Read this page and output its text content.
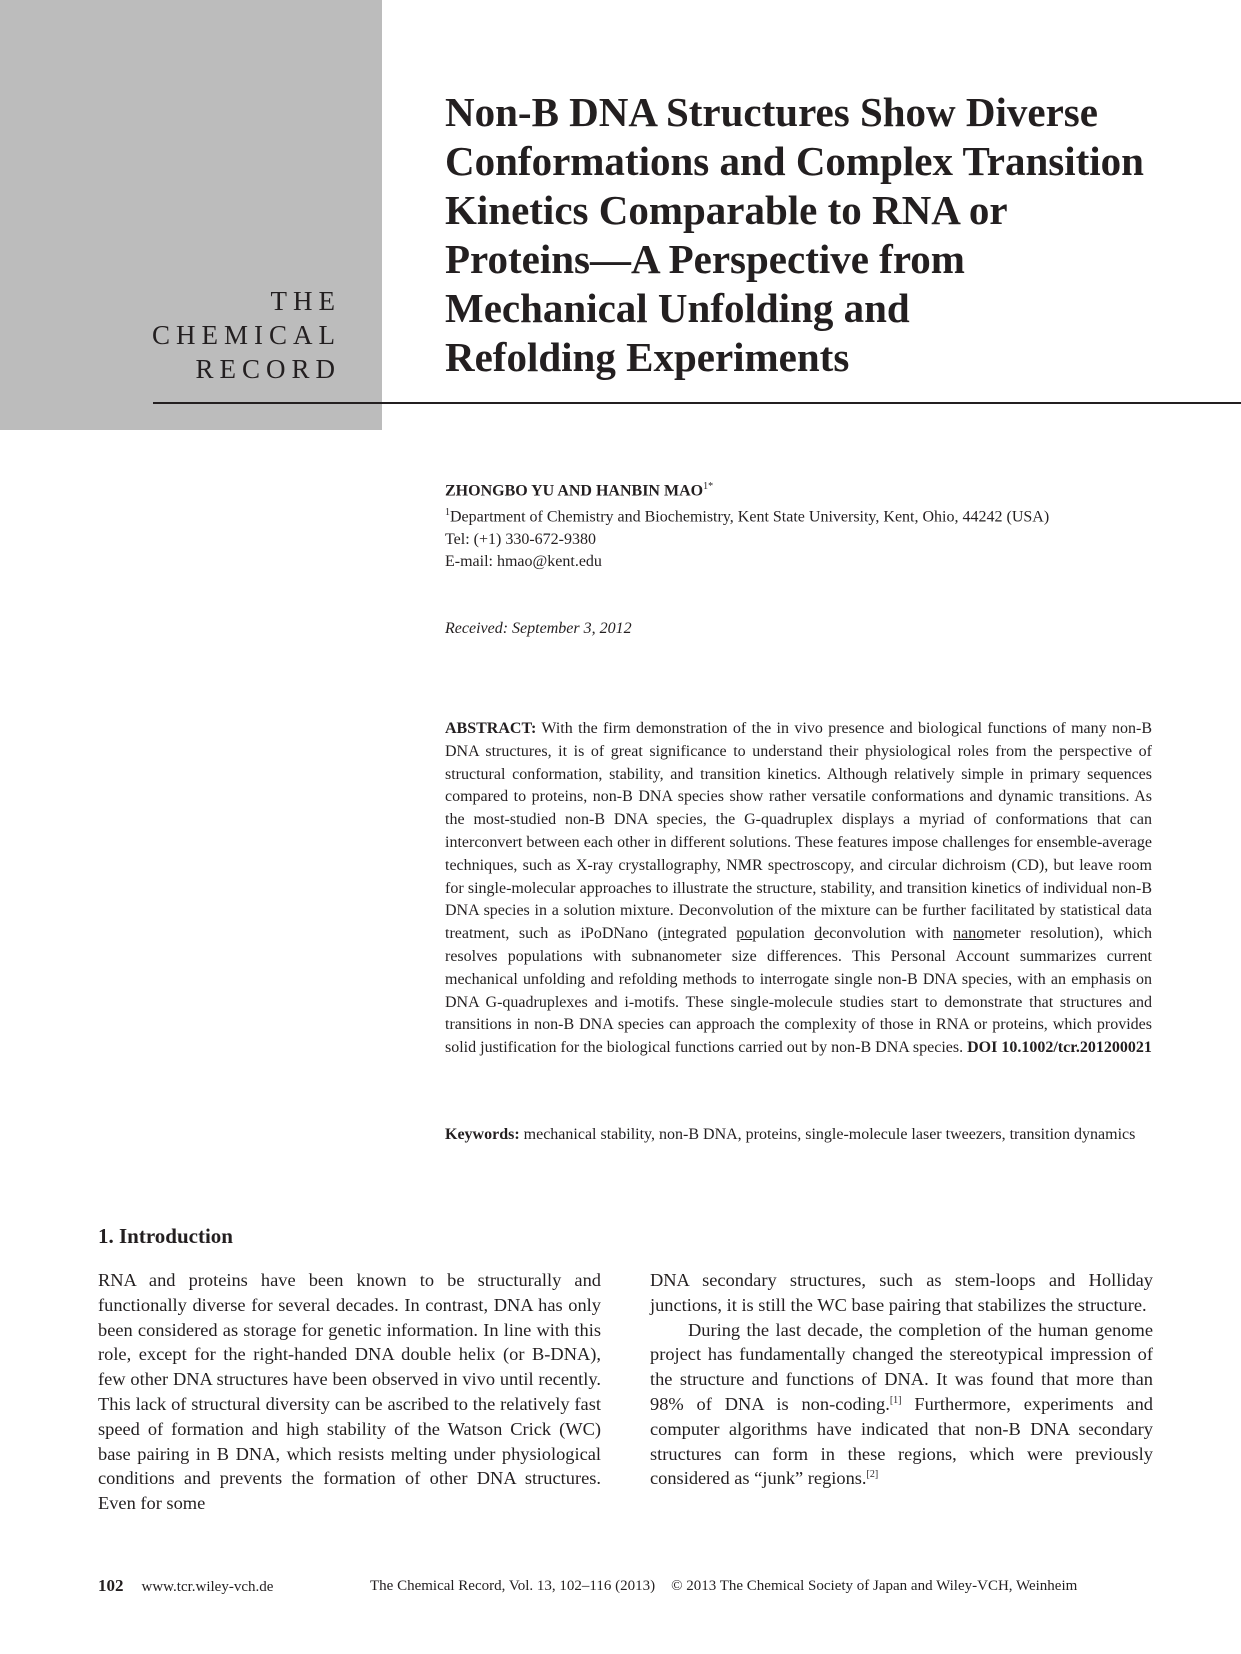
THE
CHEMICAL
RECORD
Non-B DNA Structures Show Diverse
Conformations and Complex Transition
Kinetics Comparable to RNA or
Proteins—A Perspective from
Mechanical Unfolding and
Refolding Experiments
ZHONGBO YU AND HANBIN $MAO^{1*}$
$^1$Department of Chemistry and Biochemistry, Kent State University, Kent, Ohio, 44242 (USA)
Tel: (+1) 330-672-9380
E-mail: hmao@kent.edu
Received: September 3, 2012

ABSTRACT: With the firm demonstration of the in vivo presence and biological functions of many non-B DNA structures, it is of great significance to understand their physiological roles from the perspective of structural conformation, stability, and transition kinetics. Although relatively simple in primary sequences compared to proteins, non-B DNA species show rather versatile conformations and dynamic transitions. As the most-studied non-B DNA species, the G-quadruplex displays a myriad of conformations that can interconvert between each other in different solutions. These features impose challenges for ensemble-average techniques, such as X-ray crystallography, NMR spectroscopy, and circular dichroism (CD), but leave room for single-molecular approaches to illustrate the structure, stability, and transition kinetics of individual non-B DNA species in a solution mixture. Deconvolution of the mixture can be further facilitated by statistical data treatment, such as iPoDNano (integrated population deconvolution with nanometer resolution), which resolves populations with subnanometer size differences. This Personal Account summarizes current mechanical unfolding and refolding methods to interrogate single non-B DNA species, with an emphasis on DNA G-quadruplexes and i-motifs. These single-molecule studies start to demonstrate that structures and transitions in non-B DNA species can approach the complexity of those in RNA or proteins, which provides solid justification for the biological functions carried out by non-B DNA species. DOI 10.1002/tcr.201200021

Keywords: mechanical stability, non-B DNA, proteins, single-molecule laser tweezers, transition dynamics

1. Introduction

RNA and proteins have been known to be structurally and functionally diverse for several decades. In contrast, DNA has only been considered as storage for genetic information. In line with this role, except for the right-handed DNA double helix (or B-DNA), few other DNA structures have been observed in vivo until recently. This lack of structural diversity can be ascribed to the relatively fast speed of formation and high stability of the Watson Crick (WC) base pairing in B DNA, which resists melting under physiological conditions and prevents the formation of other DNA structures. Even for some

DNA secondary structures, such as stem-loops and Holliday junctions, it is still the WC base pairing that stabilizes the structure.

During the last decade, the completion of the human genome project has fundamentally changed the stereotypical impression of the structure and functions of DNA. It was found that more than 98% of DNA is non-coding.[1] Furthermore, experiments and computer algorithms have indicated that non-B DNA secondary structures can form in these regions, which were previously considered as “junk” regions.[2]

102 www.tcr.wiley-vch.de	The Chemical Record, Vol. 13, 102–116 (2013) © 2013 The Chemical Society of Japan and Wiley-VCH, Weinheim
